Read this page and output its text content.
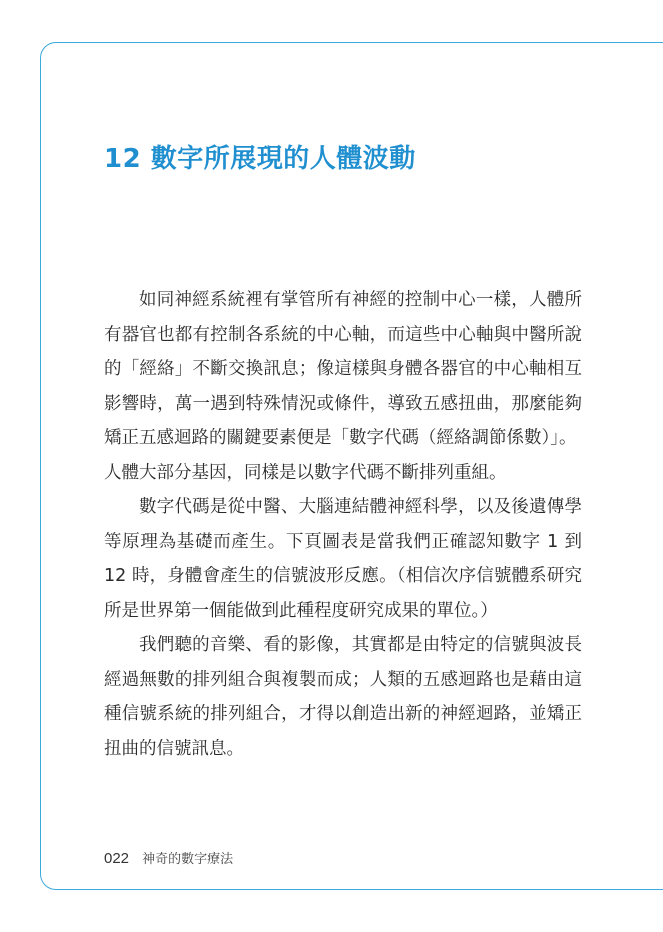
12 數字所展現的人體波動

如同神經系統裡有掌管所有神經的控制中心一樣，人體所有器官也都有控制各系統的中心軸，而這些中心軸與中醫所說的「經絡」不斷交換訊息；像這樣與身體各器官的中心軸相互影響時，萬一遇到特殊情況或條件，導致五感扭曲，那麼能夠矯正五感迴路的關鍵要素便是「數字代碼（經絡調節係數）」。

人體大部分基因，同樣是以數字代碼不斷排列重組。

數字代碼是從中醫、大腦連結體神經科學，以及後遺傳學等原理為基礎而產生。下頁圖表是當我們正確認知數字 1 到 12 時，身體會產生的信號波形反應。（相信次序信號體系研究所是世界第一個能做到此種程度研究成果的單位。）

我們聽的音樂、看的影像，其實都是由特定的信號與波長經過無數的排列組合與複製而成；人類的五感迴路也是藉由這種信號系統的排列組合，才得以創造出新的神經迴路，並矯正扭曲的信號訊息。

022 神奇的數字療法
